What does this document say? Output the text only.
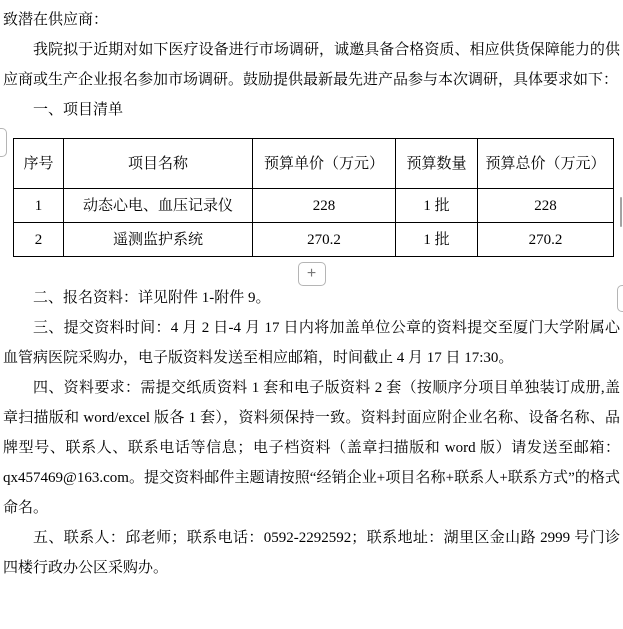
致潜在供应商：

我院拟于近期对如下医疗设备进行市场调研，诚邀具备合格资质、相应供货保障能力的供应商或生产企业报名参加市场调研。鼓励提供最新最先进产品参与本次调研，具体要求如下：

一、项目清单

序号	项目名称	预算单价（万元）	预算数量	预算总价（万元）
1	动态心电、血压记录仪	228	1 批	228
2	遥测监护系统	270.2	1 批	270.2
+

二、报名资料：详见附件 1-附件 9。

三、提交资料时间：4 月 2 日-4 月 17 日内将加盖单位公章的资料提交至厦门大学附属心血管病医院采购办，电子版资料发送至相应邮箱，时间截止 4 月 17 日 17:30。

四、资料要求：需提交纸质资料 1 套和电子版资料 2 套（按顺序分项目单独装订成册,盖章扫描版和 word/excel 版各 1 套），资料须保持一致。资料封面应附企业名称、设备名称、品牌型号、联系人、联系电话等信息；电子档资料（盖章扫描版和 word 版）请发送至邮箱：qx457469@163.com。提交资料邮件主题请按照“经销企业+项目名称+联系人+联系方式”的格式命名。

五、联系人：邱老师；联系电话：0592-2292592；联系地址：湖里区金山路 2999 号门诊四楼行政办公区采购办。
